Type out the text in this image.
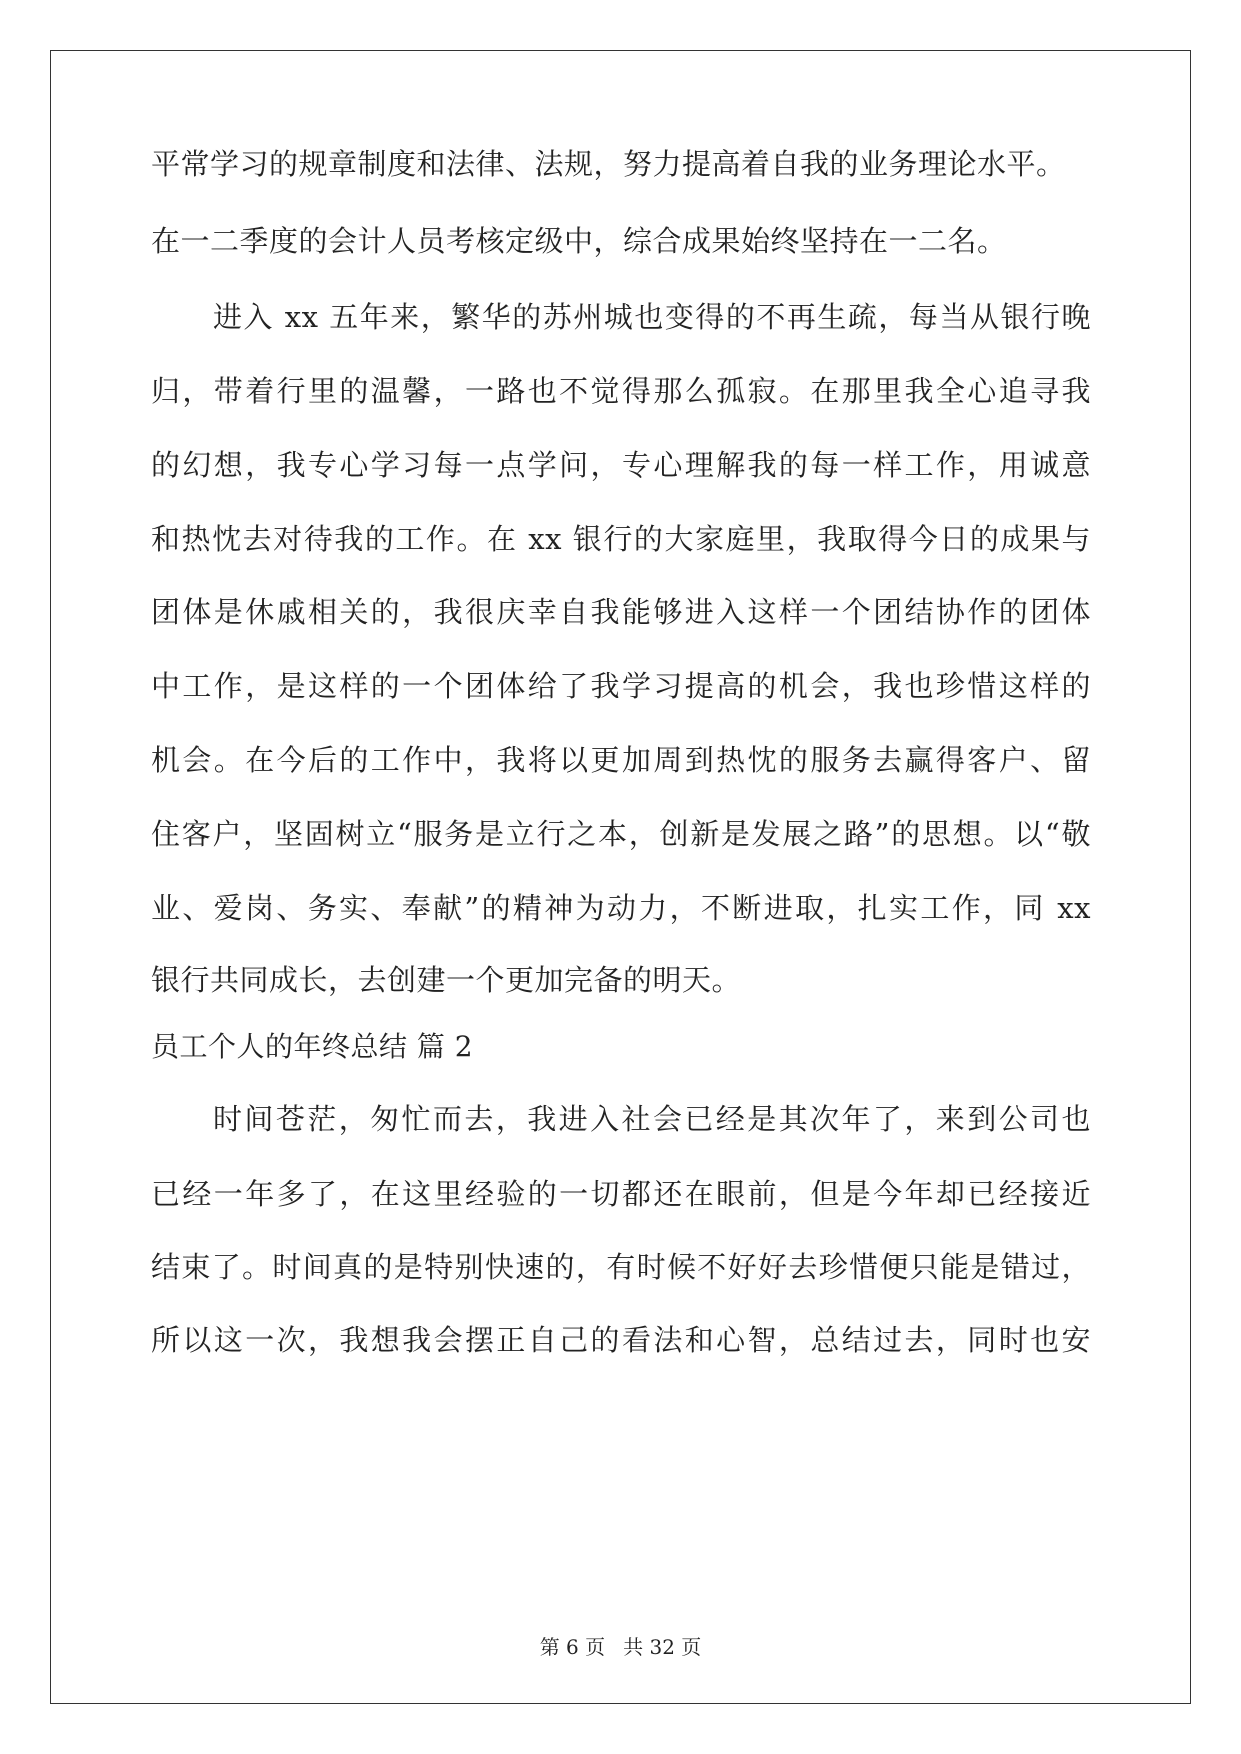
平常学习的规章制度和法律、法规，努力提高着自我的业务理论水平。
在一二季度的会计人员考核定级中，综合成果始终坚持在一二名。
进入 xx 五年来，繁华的苏州城也变得的不再生疏，每当从银行晚
归，带着行里的温馨，一路也不觉得那么孤寂。在那里我全心追寻我
的幻想，我专心学习每一点学问，专心理解我的每一样工作，用诚意
和热忱去对待我的工作。在 xx 银行的大家庭里，我取得今日的成果与
团体是休戚相关的，我很庆幸自我能够进入这样一个团结协作的团体
中工作，是这样的一个团体给了我学习提高的机会，我也珍惜这样的
机会。在今后的工作中，我将以更加周到热忱的服务去赢得客户、留
住客户，坚固树立“服务是立行之本，创新是发展之路”的思想。以“敬
业、爱岗、务实、奉献”的精神为动力，不断进取，扎实工作，同 xx
银行共同成长，去创建一个更加完备的明天。
员工个人的年终总结 篇 2
时间苍茫，匆忙而去，我进入社会已经是其次年了，来到公司也
已经一年多了，在这里经验的一切都还在眼前，但是今年却已经接近
结束了。时间真的是特别快速的，有时候不好好去珍惜便只能是错过，
所以这一次，我想我会摆正自己的看法和心智，总结过去，同时也安
第 6 页 共 32 页
